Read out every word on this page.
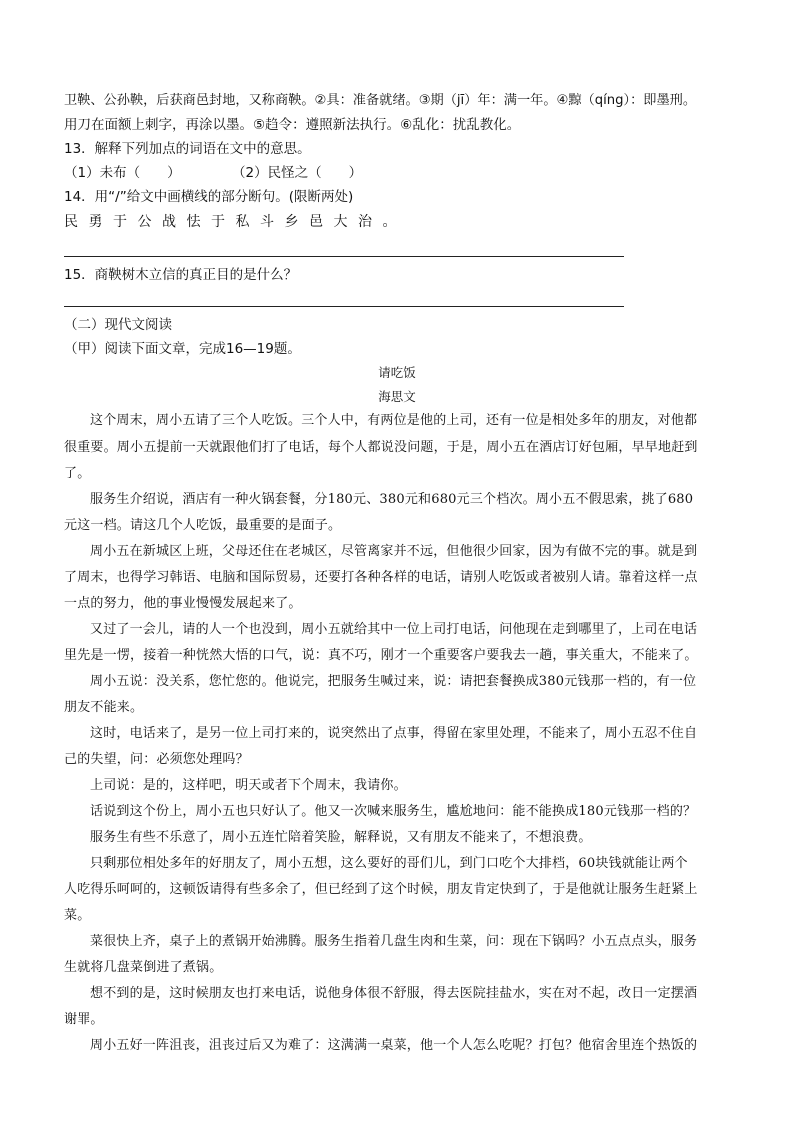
卫鞅、公孙鞅，后获商邑封地，又称商鞅。②具：准备就绪。③期（jī）年：满一年。④黥（qíng）：即墨刑。
用刀在面额上刺字，再涂以墨。⑤趋令：遵照新法执行。⑥乱化：扰乱教化。
13．解释下列加点的词语在文中的意思。
（1）未布（　　）	（2）民怪之（　　）
14．用“/”给文中画横线的部分断句。(限断两处)
民勇于公战怯于私斗乡邑大治。
15．商鞅树木立信的真正目的是什么？
（二）现代文阅读
（甲）阅读下面文章，完成16—19题。
请吃饭
海思文
这个周末，周小五请了三个人吃饭。三个人中，有两位是他的上司，还有一位是相处多年的朋友，对他都
很重要。周小五提前一天就跟他们打了电话，每个人都说没问题，于是，周小五在酒店订好包厢，早早地赶到
了。
服务生介绍说，酒店有一种火锅套餐，分180元、380元和680元三个档次。周小五不假思索，挑了680
元这一档。请这几个人吃饭，最重要的是面子。
周小五在新城区上班，父母还住在老城区，尽管离家并不远，但他很少回家，因为有做不完的事。就是到
了周末，也得学习韩语、电脑和国际贸易，还要打各种各样的电话，请别人吃饭或者被别人请。靠着这样一点
一点的努力，他的事业慢慢发展起来了。
又过了一会儿，请的人一个也没到，周小五就给其中一位上司打电话，问他现在走到哪里了，上司在电话
里先是一愣，接着一种恍然大悟的口气，说：真不巧，刚才一个重要客户要我去一趟，事关重大，不能来了。
周小五说：没关系，您忙您的。他说完，把服务生喊过来，说：请把套餐换成380元钱那一档的，有一位
朋友不能来。
这时，电话来了，是另一位上司打来的，说突然出了点事，得留在家里处理，不能来了，周小五忍不住自
己的失望，问：必须您处理吗？
上司说：是的，这样吧，明天或者下个周末，我请你。
话说到这个份上，周小五也只好认了。他又一次喊来服务生，尴尬地问：能不能换成180元钱那一档的？
服务生有些不乐意了，周小五连忙陪着笑脸，解释说，又有朋友不能来了，不想浪费。
只剩那位相处多年的好朋友了，周小五想，这么要好的哥们儿，到门口吃个大排档，60块钱就能让两个
人吃得乐呵呵的，这顿饭请得有些多余了，但已经到了这个时候，朋友肯定快到了，于是他就让服务生赶紧上
菜。
菜很快上齐，桌子上的煮锅开始沸腾。服务生指着几盘生肉和生菜，问：现在下锅吗？小五点点头，服务
生就将几盘菜倒进了煮锅。
想不到的是，这时候朋友也打来电话，说他身体很不舒服，得去医院挂盐水，实在对不起，改日一定摆酒
谢罪。
周小五好一阵沮丧，沮丧过后又为难了：这满满一桌菜，他一个人怎么吃呢？打包？他宿舍里连个热饭的
